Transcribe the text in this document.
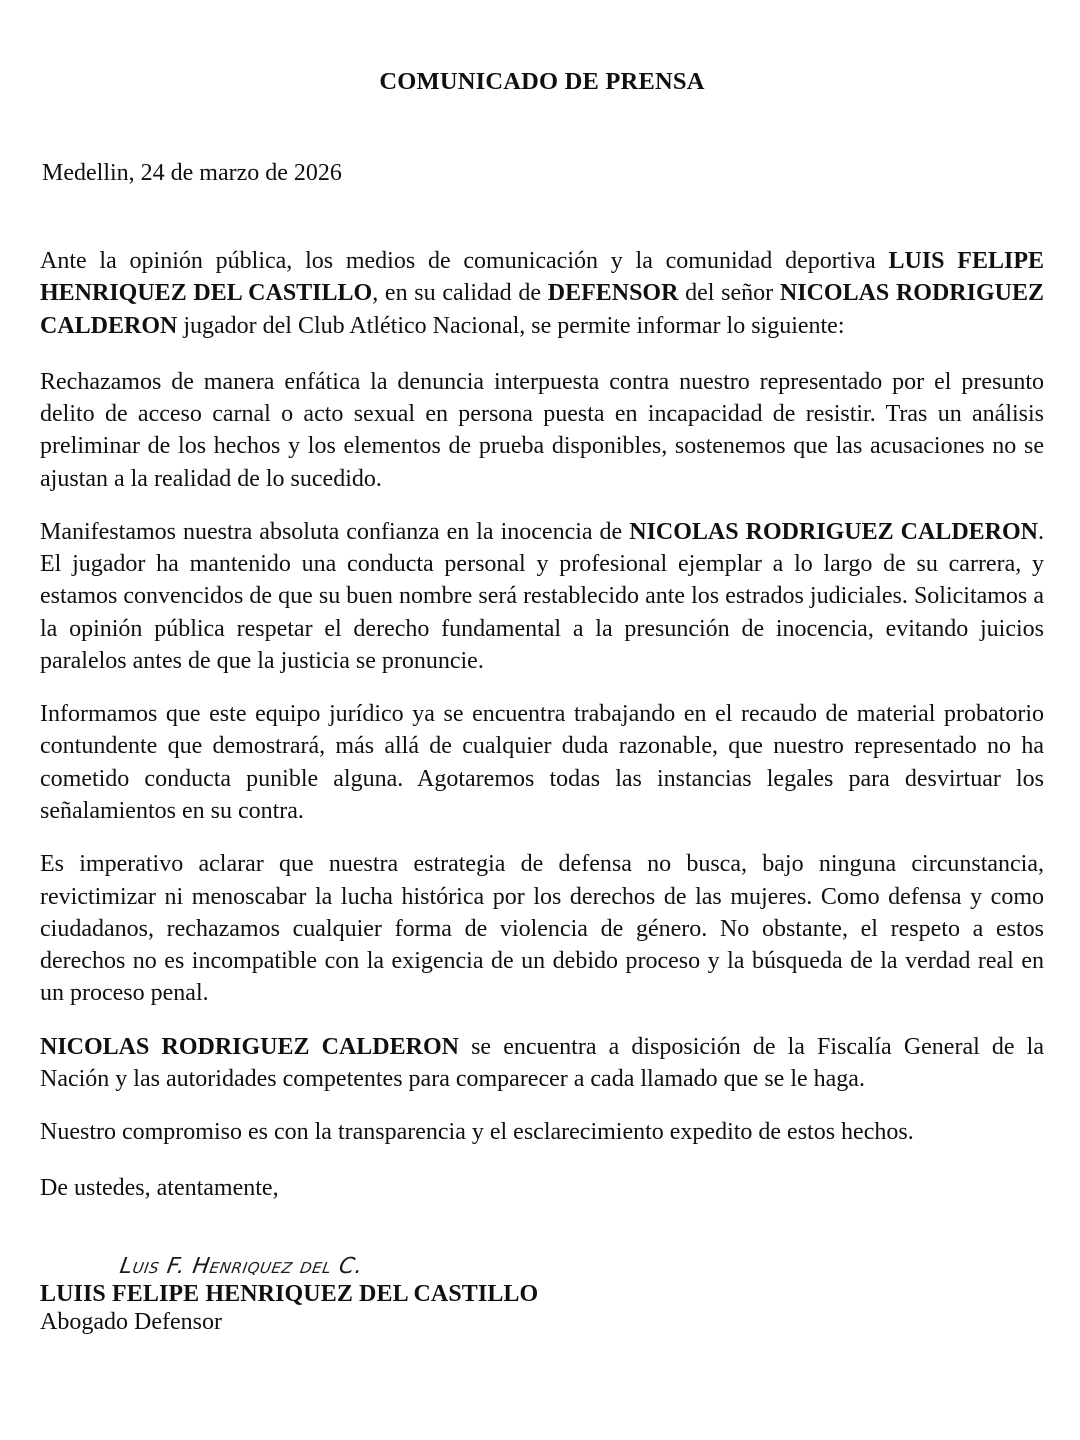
COMUNICADO DE PRENSA
Medellin, 24 de marzo de 2026

Ante la opinión pública, los medios de comunicación y la comunidad deportiva LUIS FELIPE HENRIQUEZ DEL CASTILLO, en su calidad de DEFENSOR del señor NICOLAS RODRIGUEZ CALDERON jugador del Club Atlético Nacional, se permite informar lo siguiente:

Rechazamos de manera enfática la denuncia interpuesta contra nuestro representado por el presunto delito de acceso carnal o acto sexual en persona puesta en incapacidad de resistir. Tras un análisis preliminar de los hechos y los elementos de prueba disponibles, sostenemos que las acusaciones no se ajustan a la realidad de lo sucedido.

Manifestamos nuestra absoluta confianza en la inocencia de NICOLAS RODRIGUEZ CALDERON. El jugador ha mantenido una conducta personal y profesional ejemplar a lo largo de su carrera, y estamos convencidos de que su buen nombre será restablecido ante los estrados judiciales. Solicitamos a la opinión pública respetar el derecho fundamental a la presunción de inocencia, evitando juicios paralelos antes de que la justicia se pronuncie.

Informamos que este equipo jurídico ya se encuentra trabajando en el recaudo de material probatorio contundente que demostrará, más allá de cualquier duda razonable, que nuestro representado no ha cometido conducta punible alguna. Agotaremos todas las instancias legales para desvirtuar los señalamientos en su contra.

Es imperativo aclarar que nuestra estrategia de defensa no busca, bajo ninguna circunstancia, revictimizar ni menoscabar la lucha histórica por los derechos de las mujeres. Como defensa y como ciudadanos, rechazamos cualquier forma de violencia de género. No obstante, el respeto a estos derechos no es incompatible con la exigencia de un debido proceso y la búsqueda de la verdad real en un proceso penal.

NICOLAS RODRIGUEZ CALDERON se encuentra a disposición de la Fiscalía General de la Nación y las autoridades competentes para comparecer a cada llamado que se le haga.

Nuestro compromiso es con la transparencia y el esclarecimiento expedito de estos hechos.

De ustedes, atentamente,

Luis F. Henriquez del C.
LUIIS FELIPE HENRIQUEZ DEL CASTILLO
Abogado Defensor
